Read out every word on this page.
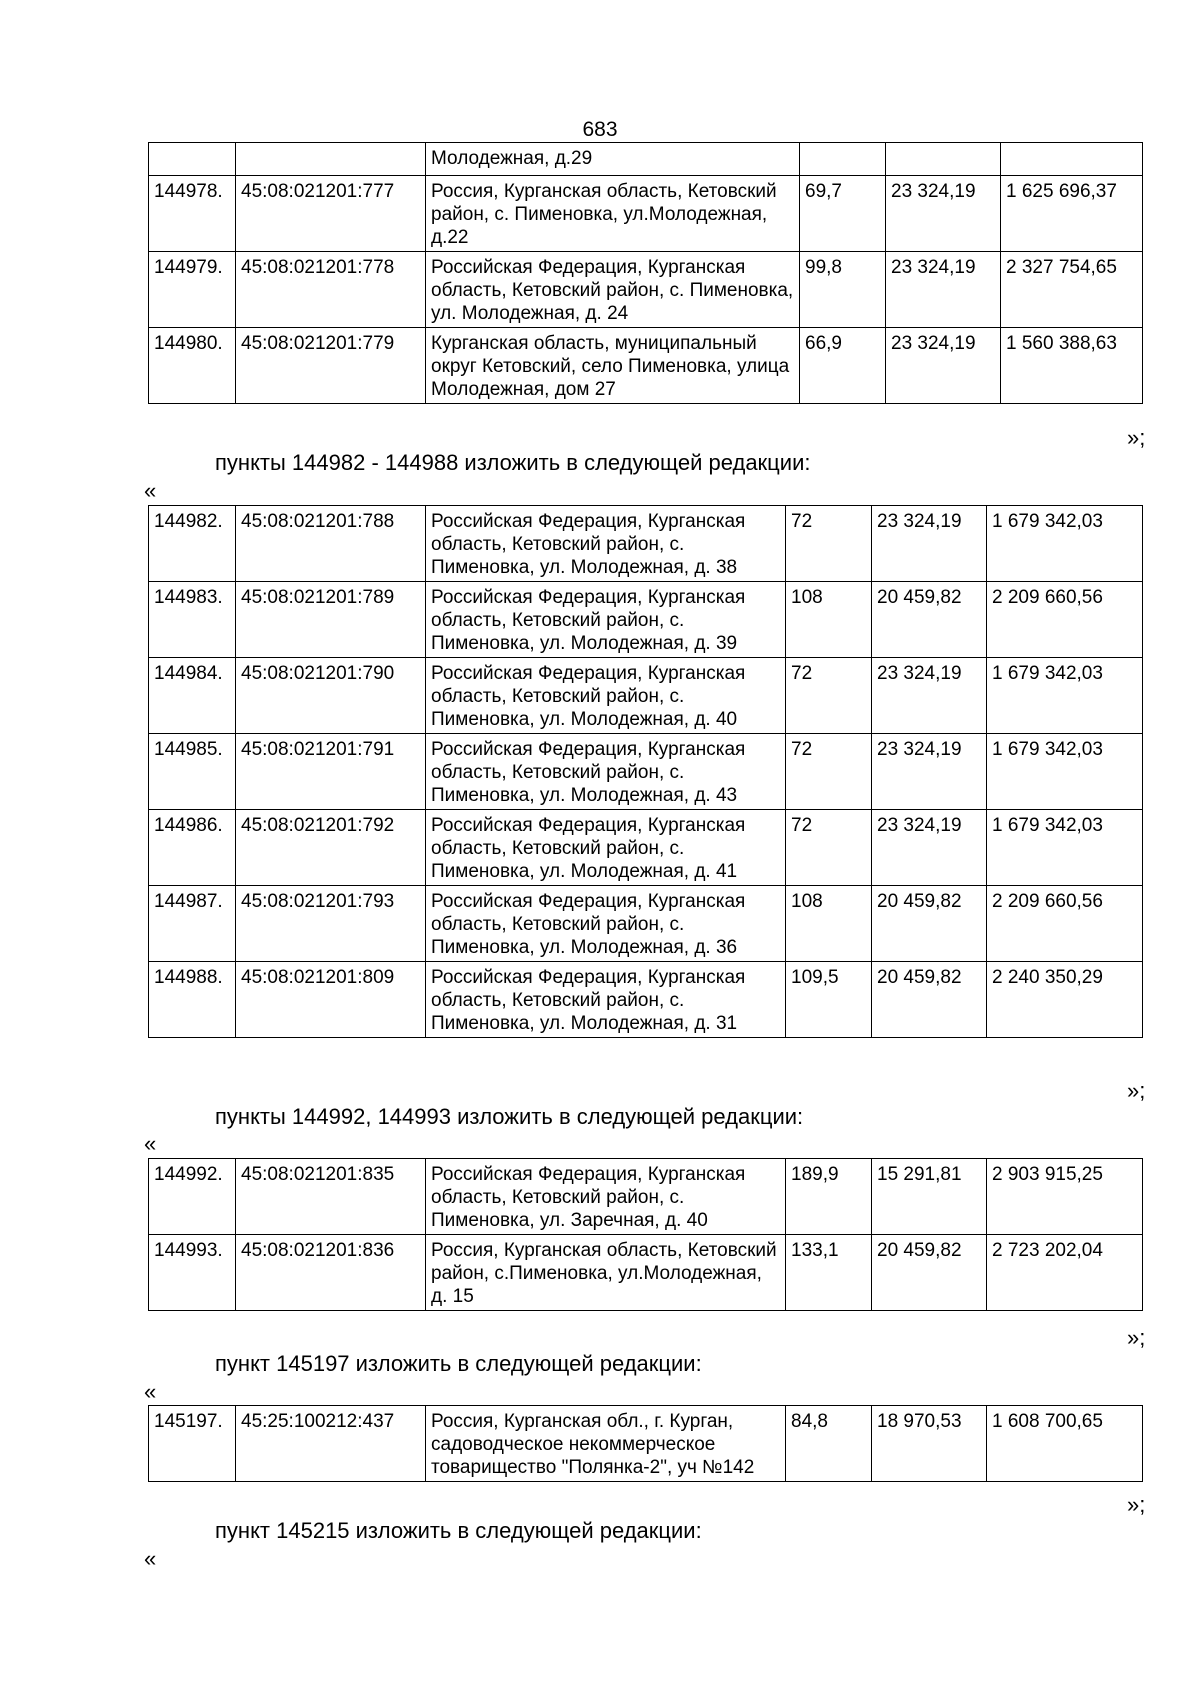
683
		Молодежная, д.29			
144978.	45:08:021201:777	Россия, Курганская область, Кетовский район, с. Пименовка, ул.Молодежная, д.22	69,7	23 324,19	1 625 696,37
144979.	45:08:021201:778	Российская Федерация, Курганская область, Кетовский район, с. Пименовка, ул. Молодежная, д. 24	99,8	23 324,19	2 327 754,65
144980.	45:08:021201:779	Курганская область, муниципальный округ Кетовский, село Пименовка, улица Молодежная, дом 27	66,9	23 324,19	1 560 388,63
»;
пункты 144982 - 144988 изложить в следующей редакции:
«
144982.	45:08:021201:788	Российская Федерация, Курганская область, Кетовский район, с. Пименовка, ул. Молодежная, д. 38	72	23 324,19	1 679 342,03
144983.	45:08:021201:789	Российская Федерация, Курганская область, Кетовский район, с. Пименовка, ул. Молодежная, д. 39	108	20 459,82	2 209 660,56
144984.	45:08:021201:790	Российская Федерация, Курганская область, Кетовский район, с. Пименовка, ул. Молодежная, д. 40	72	23 324,19	1 679 342,03
144985.	45:08:021201:791	Российская Федерация, Курганская область, Кетовский район, с. Пименовка, ул. Молодежная, д. 43	72	23 324,19	1 679 342,03
144986.	45:08:021201:792	Российская Федерация, Курганская область, Кетовский район, с. Пименовка, ул. Молодежная, д. 41	72	23 324,19	1 679 342,03
144987.	45:08:021201:793	Российская Федерация, Курганская область, Кетовский район, с. Пименовка, ул. Молодежная, д. 36	108	20 459,82	2 209 660,56
144988.	45:08:021201:809	Российская Федерация, Курганская область, Кетовский район, с. Пименовка, ул. Молодежная, д. 31	109,5	20 459,82	2 240 350,29
»;
пункты 144992, 144993 изложить в следующей редакции:
«
144992.	45:08:021201:835	Российская Федерация, Курганская область, Кетовский район, с. Пименовка, ул. Заречная, д. 40	189,9	15 291,81	2 903 915,25
144993.	45:08:021201:836	Россия, Курганская область, Кетовский район, с.Пименовка, ул.Молодежная, д. 15	133,1	20 459,82	2 723 202,04
»;
пункт 145197 изложить в следующей редакции:
«
145197.	45:25:100212:437	Россия, Курганская обл., г. Курган, садоводческое некоммерческое товарищество "Полянка-2", уч №142	84,8	18 970,53	1 608 700,65
»;
пункт 145215 изложить в следующей редакции:
«
